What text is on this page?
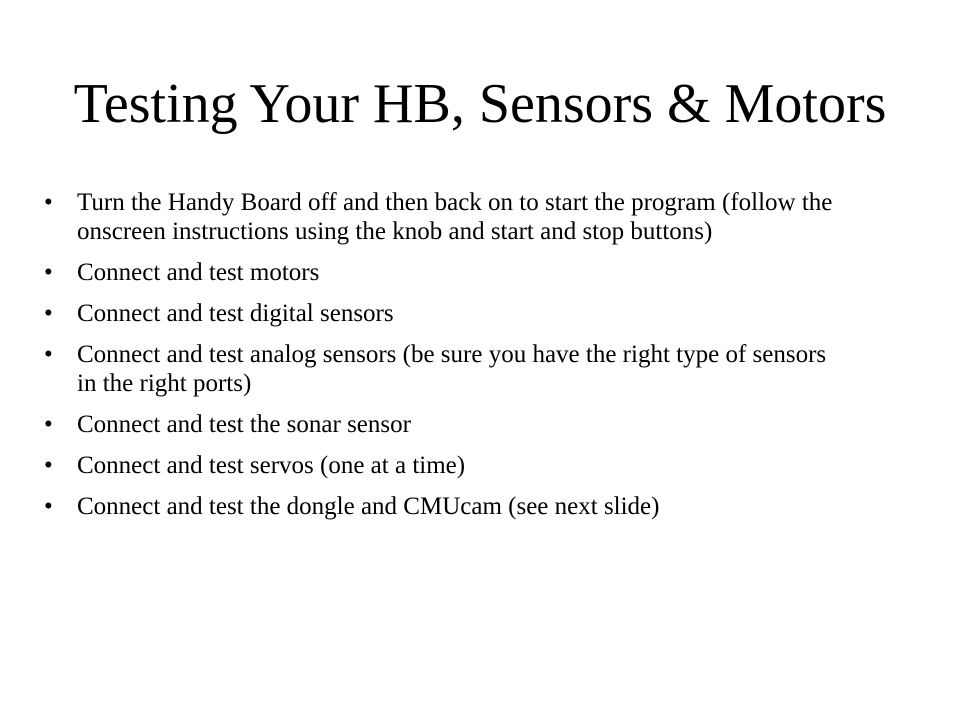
Testing Your HB, Sensors & Motors
• Turn the Handy Board off and then back on to start the program (follow the onscreen instructions using the knob and start and stop buttons)
• Connect and test motors
• Connect and test digital sensors
• Connect and test analog sensors (be sure you have the right type of sensors in the right ports)
• Connect and test the sonar sensor
• Connect and test servos (one at a time)
• Connect and test the dongle and CMUcam (see next slide)
